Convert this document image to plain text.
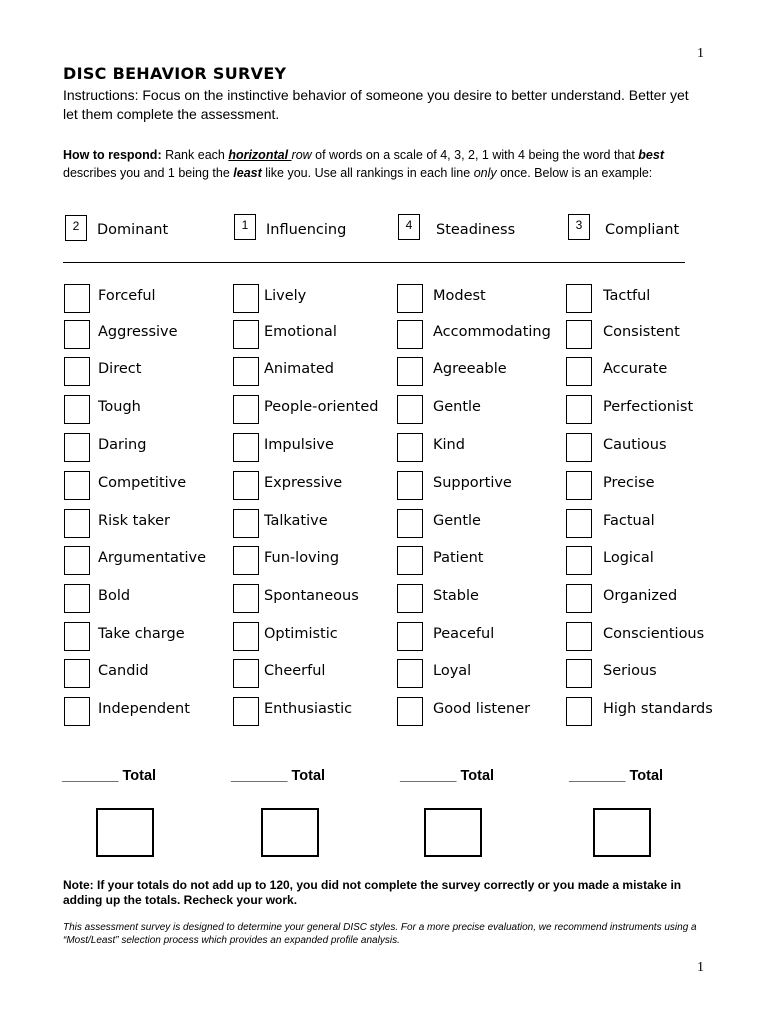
1
DISC BEHAVIOR SURVEY
Instructions: Focus on the instinctive behavior of someone you desire to better understand. Better yet let them complete the assessment.
How to respond: Rank each horizontal row of words on a scale of 4, 3, 2, 1 with 4 being the word that best describes you and 1 being the least like you. Use all rankings in each line only once. Below is an example:
2	Dominant	1	Influencing	4	Steadiness	3	Compliant
Forceful	Lively	Modest	Tactful
Aggressive	Emotional	Accommodating	Consistent
Direct	Animated	Agreeable	Accurate
Tough	People-oriented	Gentle	Perfectionist
Daring	Impulsive	Kind	Cautious
Competitive	Expressive	Supportive	Precise
Risk taker	Talkative	Gentle	Factual
Argumentative	Fun-loving	Patient	Logical
Bold	Spontaneous	Stable	Organized
Take charge	Optimistic	Peaceful	Conscientious
Candid	Cheerful	Loyal	Serious
Independent	Enthusiastic	Good listener	High standards
_______ Total	_______ Total	_______ Total	_______ Total
Note: If your totals do not add up to 120, you did not complete the survey correctly or you made a mistake in adding up the totals. Recheck your work.
This assessment survey is designed to determine your general DISC styles. For a more precise evaluation, we recommend instruments using a “Most/Least” selection process which provides an expanded profile analysis.
1
